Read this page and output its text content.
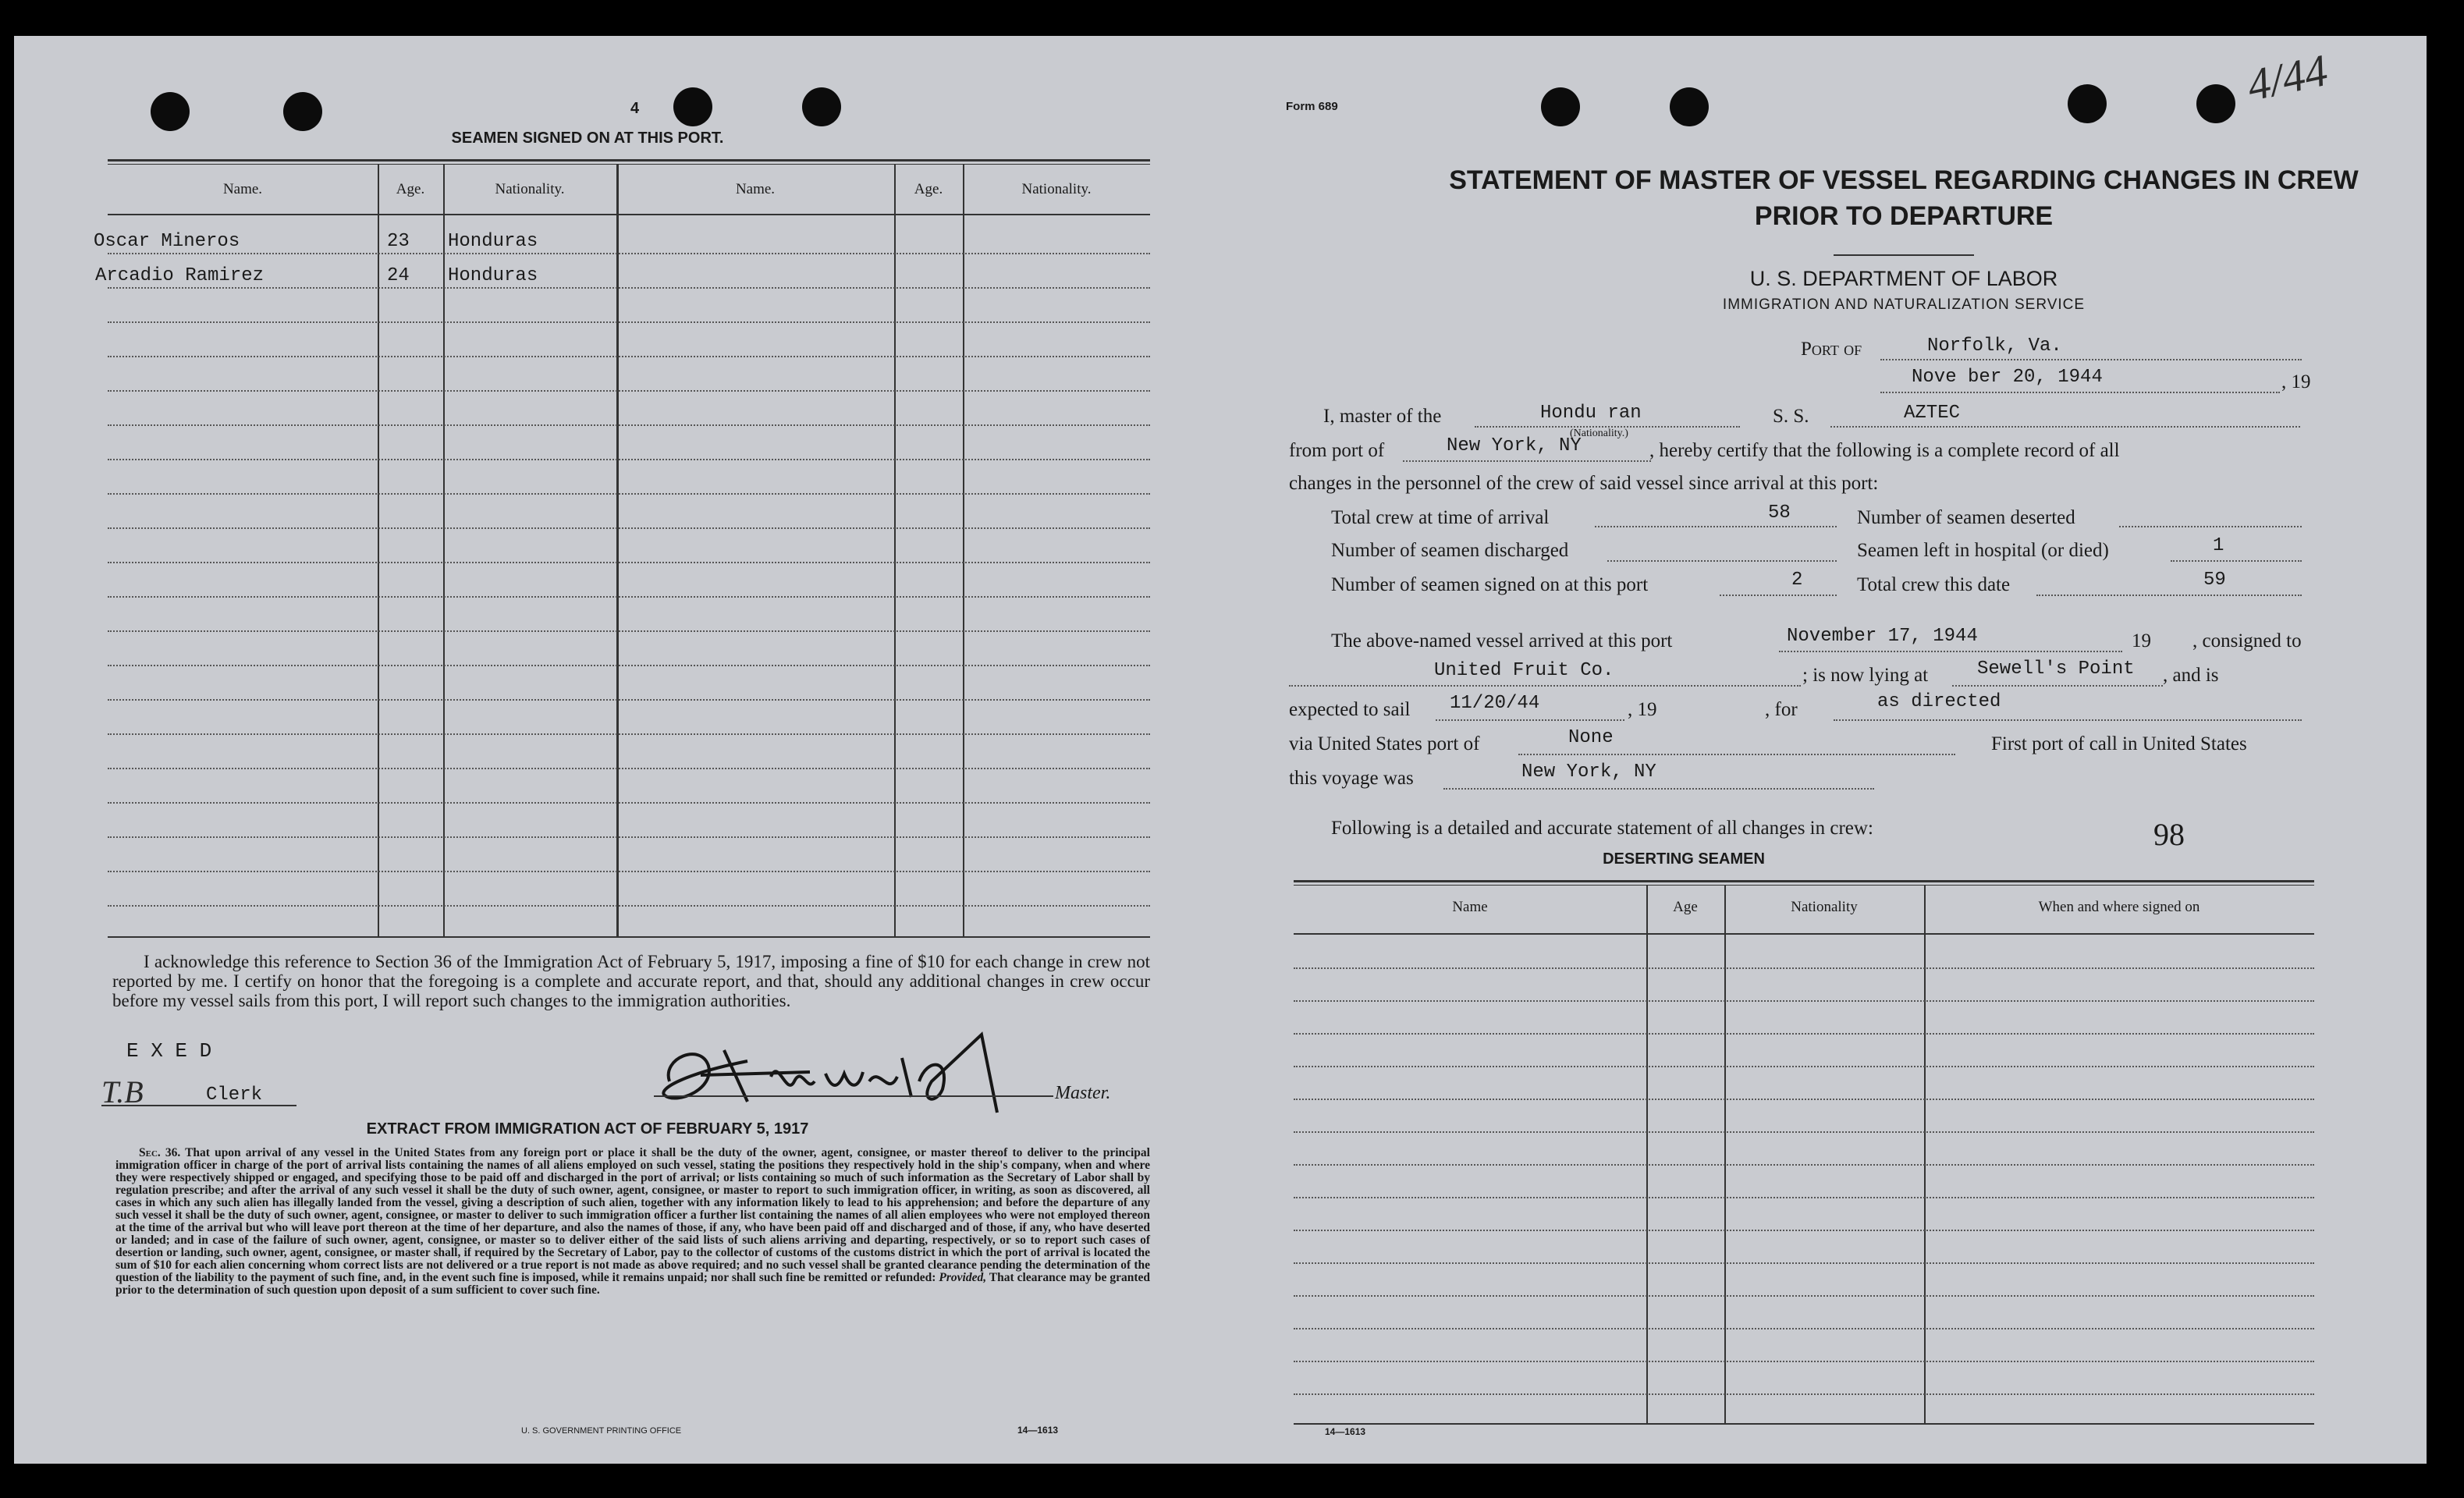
4
SEAMEN SIGNED ON AT THIS PORT.
Name.	Age.	Nationality.	Name.	Age.	Nationality.
Oscar Mineros	23 Honduras
Arcadio Ramirez	24 Honduras
I acknowledge this reference to Section 36 of the Immigration Act of February 5, 1917, imposing a fine of $10 for each change in crew not reported by me. I certify on honor that the foregoing is a complete and accurate report, and that, should any additional changes in crew occur before my vessel sails from this port, I will report such changes to the immigration authorities.
E X E D
T.B	Clerk	Master.
EXTRACT FROM IMMIGRATION ACT OF FEBRUARY 5, 1917
Sec. 36. That upon arrival of any vessel in the United States from any foreign port or place it shall be the duty of the owner, agent, consignee, or master thereof to deliver to the principal immigration officer in charge of the port of arrival lists containing the names of all aliens employed on such vessel, stating the positions they respectively hold in the ship's company, when and where they were respectively shipped or engaged, and specifying those to be paid off and discharged in the port of arrival; or lists containing so much of such information as the Secretary of Labor shall by regulation prescribe; and after the arrival of any such vessel it shall be the duty of such owner, agent, consignee, or master to report to such immigration officer, in writing, as soon as discovered, all cases in which any such alien has illegally landed from the vessel, giving a description of such alien, together with any information likely to lead to his apprehension; and before the departure of any such vessel it shall be the duty of such owner, agent, consignee, or master to deliver to such immigration officer a further list containing the names of all alien employees who were not employed thereon at the time of the arrival but who will leave port thereon at the time of her departure, and also the names of those, if any, who have been paid off and discharged and of those, if any, who have deserted or landed; and in case of the failure of such owner, agent, consignee, or master so to deliver either of the said lists of such aliens arriving and departing, respectively, or so to report such cases of desertion or landing, such owner, agent, consignee, or master shall, if required by the Secretary of Labor, pay to the collector of customs of the customs district in which the port of arrival is located the sum of $10 for each alien concerning whom correct lists are not delivered or a true report is not made as above required; and no such vessel shall be granted clearance pending the determination of the question of the liability to the payment of such fine, and, in the event such fine is imposed, while it remains unpaid; nor shall such fine be remitted or refunded: Provided, That clearance may be granted prior to the determination of such question upon deposit of a sum sufficient to cover such fine.
U. S. GOVERNMENT PRINTING OFFICE	14—1613
Form 689	4/44
STATEMENT OF MASTER OF VESSEL REGARDING CHANGES IN CREW
PRIOR TO DEPARTURE
U. S. DEPARTMENT OF LABOR
IMMIGRATION AND NATURALIZATION SERVICE
Port of	Norfolk, Va.
Nove ber 20, 1944	, 19
I, master of the	Hondu ran
(Nationality.)
S. S.	AZTEC
from port of	New York, NY	, hereby certify that the following is a complete record of all
changes in the personnel of the crew of said vessel since arrival at this port:
Total crew at time of arrival	58	Number of seamen deserted
Number of seamen discharged	Seamen left in hospital (or died)	1
Number of seamen signed on at this port	2	Total crew this date	59
The above-named vessel arrived at this port	November 17, 1944	19 , consigned to
United Fruit Co.	; is now lying at	Sewell's Point , and is
expected to sail 11/20/44	, 19	, for	as directed
via United States port of	None	First port of call in United States
this voyage was	New York, NY
Following is a detailed and accurate statement of all changes in crew:	98
DESERTING SEAMEN
Name	Age	Nationality	When and where signed on
14—1613
